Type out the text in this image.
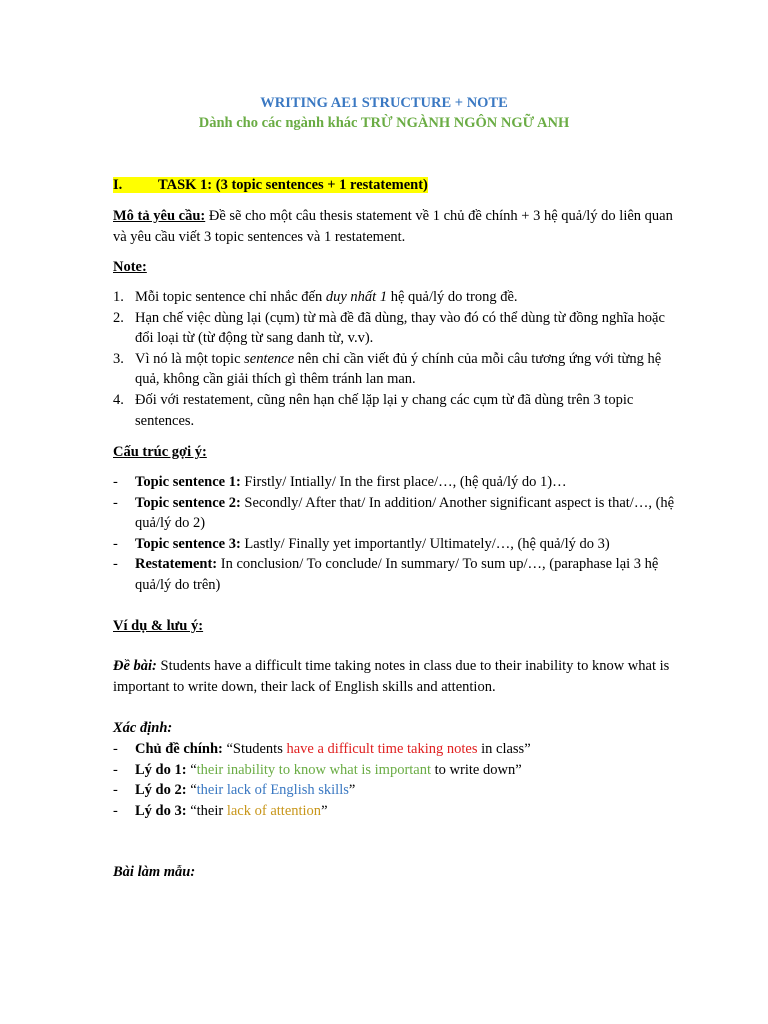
WRITING AE1 STRUCTURE + NOTE
Dành cho các ngành khác TRỪ NGÀNH NGÔN NGỮ ANH
I. TASK 1: (3 topic sentences + 1 restatement)
Mô tả yêu cầu: Đề sẽ cho một câu thesis statement về 1 chủ đề chính + 3 hệ quả/lý do liên quan và yêu cầu viết 3 topic sentences và 1 restatement.
Note:
1. Mỗi topic sentence chỉ nhắc đến duy nhất 1 hệ quả/lý do trong đề.
2. Hạn chế việc dùng lại (cụm) từ mà đề đã dùng, thay vào đó có thể dùng từ đồng nghĩa hoặc đổi loại từ (từ động từ sang danh từ, v.v).
3. Vì nó là một topic sentence nên chỉ cần viết đủ ý chính của mỗi câu tương ứng với từng hệ quả, không cần giải thích gì thêm tránh lan man.
4. Đối với restatement, cũng nên hạn chế lặp lại y chang các cụm từ đã dùng trên 3 topic sentences.
Cấu trúc gợi ý:
- Topic sentence 1: Firstly/ Intially/ In the first place/…, (hệ quả/lý do 1)…
- Topic sentence 2: Secondly/ After that/ In addition/ Another significant aspect is that/…, (hệ quả/lý do 2)
- Topic sentence 3: Lastly/ Finally yet importantly/ Ultimately/…, (hệ quả/lý do 3)
- Restatement: In conclusion/ To conclude/ In summary/ To sum up/…, (paraphase lại 3 hệ quả/lý do trên)
Ví dụ & lưu ý:
Đề bài: Students have a difficult time taking notes in class due to their inability to know what is important to write down, their lack of English skills and attention.
Xác định:
- Chủ đề chính: “Students have a difficult time taking notes in class”
- Lý do 1: “their inability to know what is important to write down”
- Lý do 2: “their lack of English skills”
- Lý do 3: “their lack of attention”
Bài làm mẫu:
